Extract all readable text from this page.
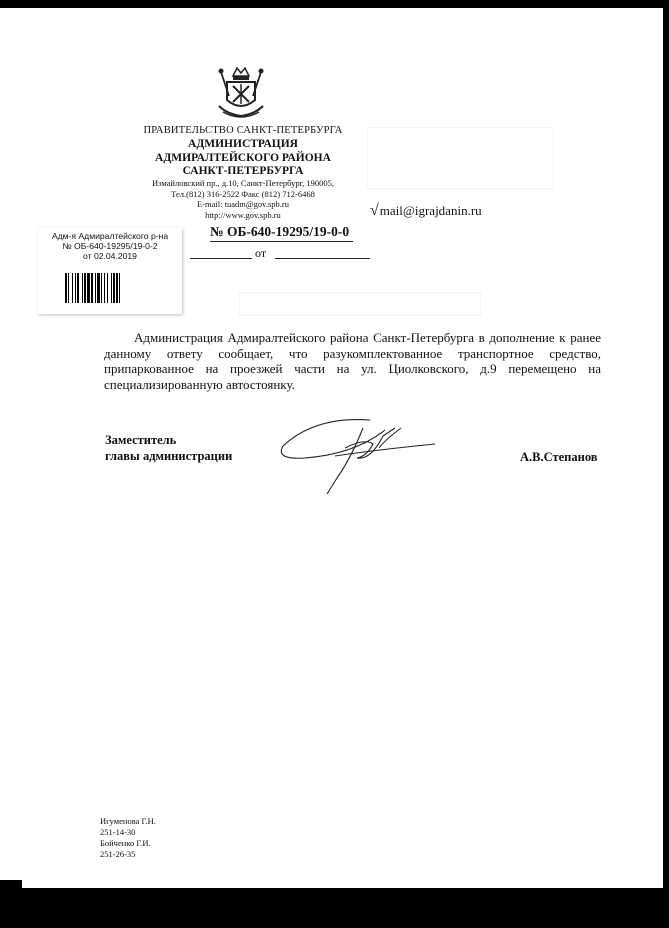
ПРАВИТЕЛЬСТВО САНКТ-ПЕТЕРБУРГА
АДМИНИСТРАЦИЯ
АДМИРАЛТЕЙСКОГО РАЙОНА
САНКТ-ПЕТЕРБУРГА
Измайловский пр., д.10, Санкт-Петербург, 190005,
Тел.(812) 316-2522 Факс (812) 712-6468
E-mail: tuadm@gov.spb.ru
http://www.gov.spb.ru	√mail@igrajdanin.ru
№ ОБ-640-19295/19-0-0
от
Адм-я Адмиралтейского р-на
№ ОБ-640-19295/19-0-2
от 02.04.2019
Администрация Адмиралтейского района Санкт-Петербурга в дополнение к ранее данному ответу сообщает, что разукомплектованное транспортное средство, припаркованное на проезжей части на ул. Циолковского, д.9 перемещено на специализированную автостоянку.
Заместитель
главы администрации	А.В.Степанов
Игуменова Г.Н.
251-14-30
Бойченко Г.И.
251-26-35
